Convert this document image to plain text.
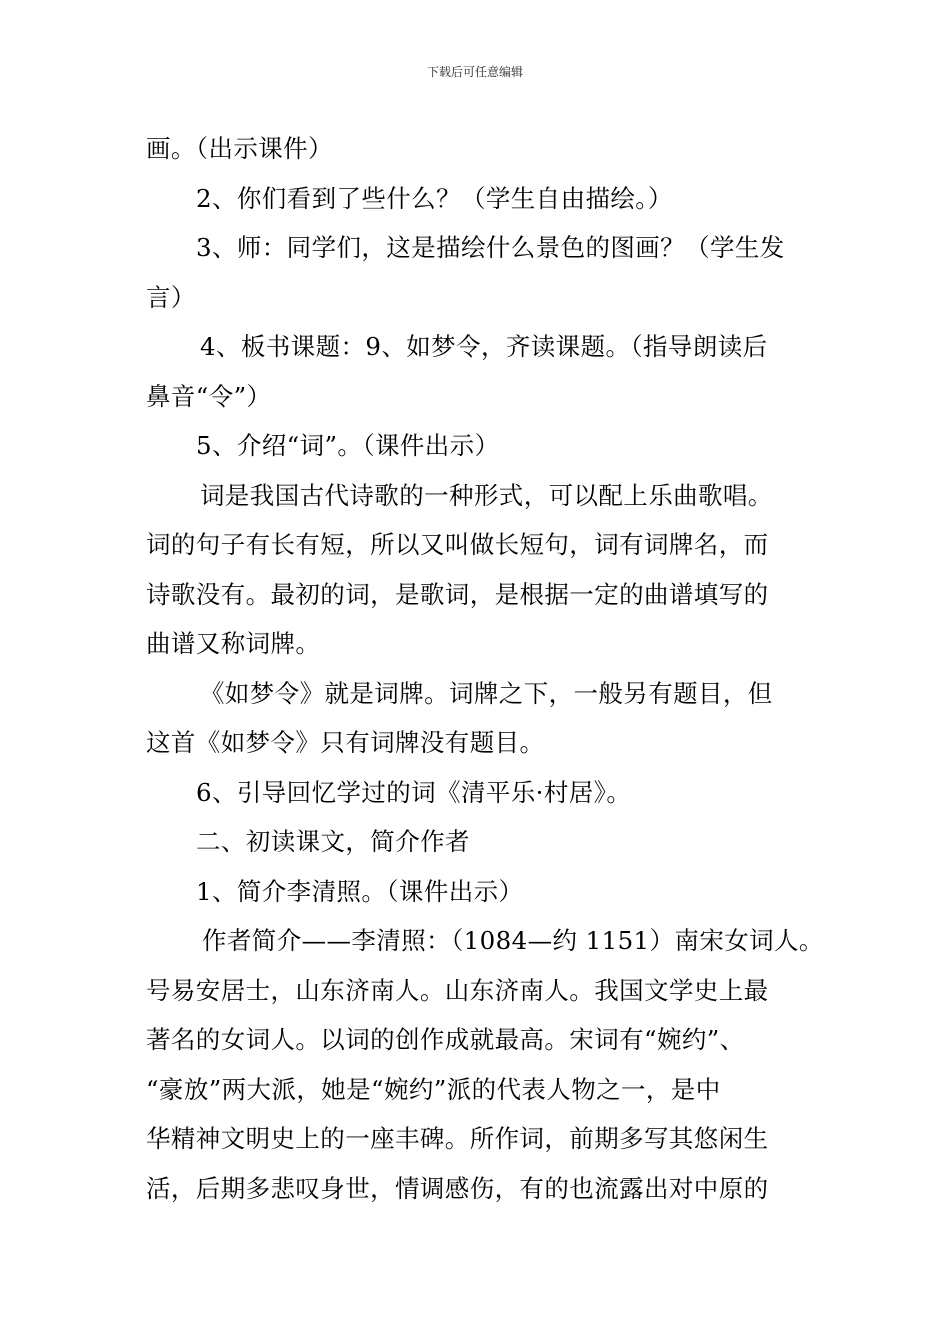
下载后可任意编辑
画。（出示课件）
2、你们看到了些什么？（学生自由描绘。）
3、师：同学们，这是描绘什么景色的图画？（学生发
言）
4、板书课题：9、如梦令，齐读课题。（指导朗读后
鼻音“令”）
5、介绍“词”。（课件出示）
词是我国古代诗歌的一种形式，可以配上乐曲歌唱。
词的句子有长有短，所以又叫做长短句，词有词牌名，而
诗歌没有。最初的词，是歌词，是根据一定的曲谱填写的
曲谱又称词牌。
《如梦令》就是词牌。词牌之下，一般另有题目，但
这首《如梦令》只有词牌没有题目。
6、引导回忆学过的词《清平乐·村居》。
二、初读课文，简介作者
1、简介李清照。（课件出示）
作者简介——李清照：（1084—约 1151）南宋女词人。
号易安居士，山东济南人。山东济南人。我国文学史上最
著名的女词人。以词的创作成就最高。宋词有“婉约”、
“豪放”两大派，她是“婉约”派的代表人物之一，是中
华精神文明史上的一座丰碑。所作词，前期多写其悠闲生
活，后期多悲叹身世，情调感伤，有的也流露出对中原的
